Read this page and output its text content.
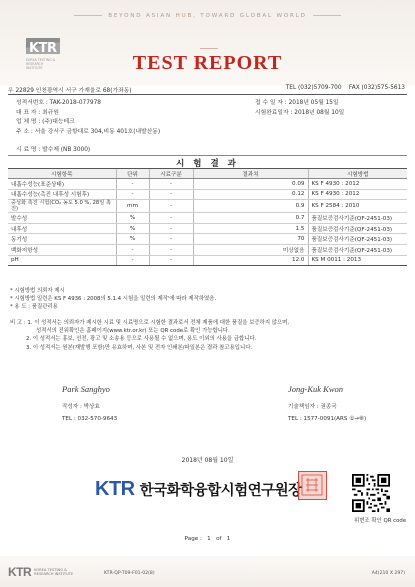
BEYOND ASIAN HUB, TOWARD GLOBAL WORLD
KTR
KOREA TESTING &
RESEARCH INSTITUTE	TEST REPORT
우 22829 인천광역시 서구 가재울로 68(가좌동)	TEL (032)5709-700 FAX (032)575-5613
성적서번호 : TAK-2018-077978
대 표 자 : 최규원
업 체 명 : (주)대능테크
주 소 : 서울 강서구 금항대로 304,비동 401호(내발산동)
접 수 일 자 : 2018년 05월 15일
시험완료일자 : 2018년 08월 10일
시 료 명 : 발수제 (NB 3000)
시 험 결 과
시험항목	단위	시료구분	결과치	시험방법
내흡수성능(표준상태)	-	-	0.09	KS F 4930 : 2012
내흡수성능(촉진 내후성 시험후)	-	-	0.12	KS F 4930 : 2012
중성화 촉진 시험(CO₂ 농도 5.0 %, 28일 촉진)	mm	-	0.9	KS F 2584 : 2010
발수성	%	-	0.7	품질보증검사기준(QF-2451-03)
내후성	%	-	1.5	품질보증검사기준(QF-2451-03)
동기성	%	-	70	품질보증검사기준(QF-2451-03)
백화저항성	-	-	미상없음	품질보증검사기준(QF-2451-03)
pH	-	-	12.0	KS M 0011 : 2013
* 시험방법 의뢰자 제시
* 시험방법 일련은 KS F 4936 : 2008의 5.1.4 시험을 일련의 제작'에 따라 제작하였음.
* 용 도 : 품질관리용
비 고 : 1. 이 성적서는 의뢰자가 제시한 시료 및 시료명으로 시험한 결과로서 전체 제품에 대한 품질을 보증하지 않으며,
성적서의 진위확인은 홈페이지(www.ktr.or.kr) 또는 QR code로 확인 가능합니다.
2. 이 성적서는 홍보, 선전, 광고 및 소송용 등으로 사용될 수 없으며, 용도 이외의 사용을 금합니다.
3. 이 성적서는 원본(재발행 포함)만 유효하며, 사본 및 전자 인쇄본/파일본은 결과 참고용입니다.
Park Sanghyo
작성자 : 박상효
TEL : 032-570-9643
Jong-Kuk Kwon
기술책임자 : 권종국
TEL : 1577-0091(ARS ①→⑧)
2018년 08월 10일
KTR 한국화학융합시험연구원장
위변조 확인 QR code
Page :   1   of   1
KTR KOREA TESTING &
RESEARCH INSTITUTE	KTR-QP-T09-F01-02(8)	A4(210 X 297)
